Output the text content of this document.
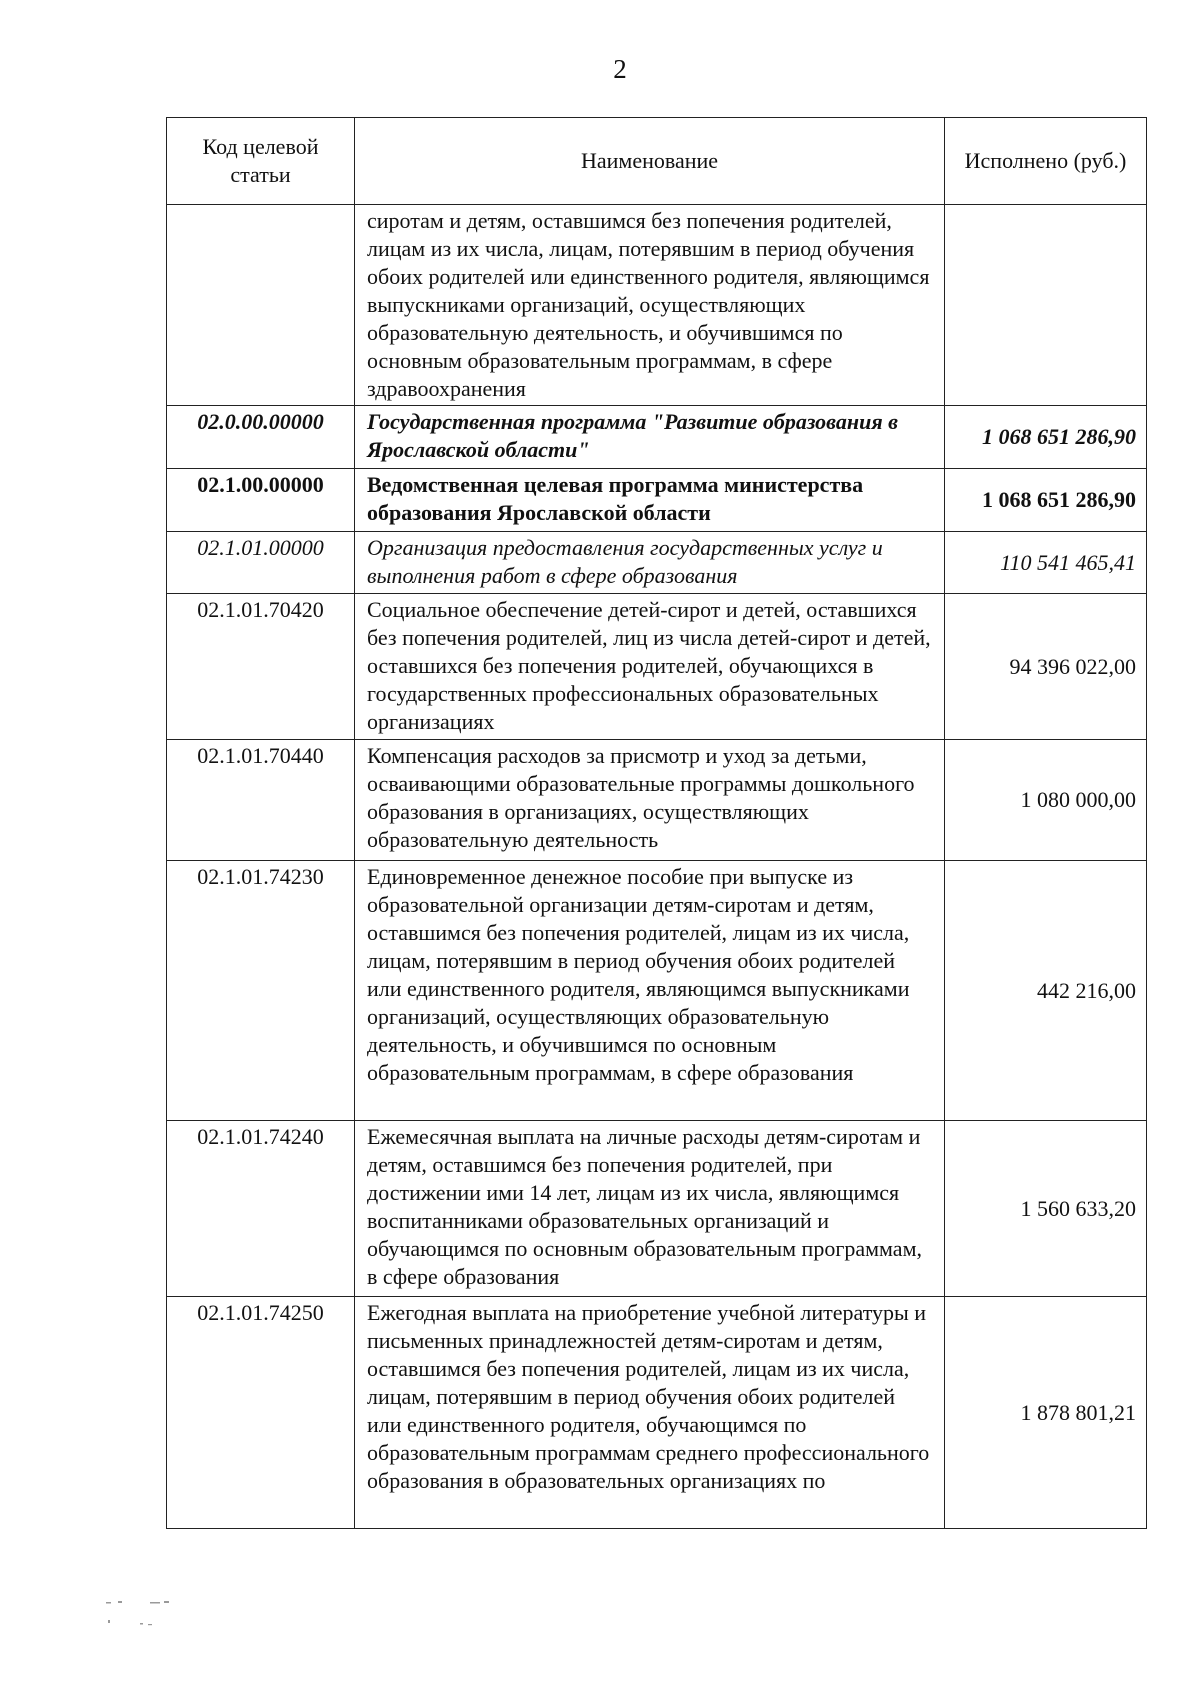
2
Код целевой статьи	Наименование	Исполнено (руб.)
	сиротам и детям, оставшимся без попечения родителей, лицам из их числа, лицам, потерявшим в период обучения обоих родителей или единственного родителя, являющимся выпускниками организаций, осуществляющих образовательную деятельность, и обучившимся по основным образовательным программам, в сфере здравоохранения	
02.0.00.00000	Государственная программа "Развитие образования в Ярославской области"	1 068 651 286,90
02.1.00.00000	Ведомственная целевая программа министерства образования Ярославской области	1 068 651 286,90
02.1.01.00000	Организация предоставления государственных услуг и выполнения работ в сфере образования	110 541 465,41
02.1.01.70420	Социальное обеспечение детей-сирот и детей, оставшихся без попечения родителей, лиц из числа детей-сирот и детей, оставшихся без попечения родителей, обучающихся в государственных профессиональных образовательных организациях	94 396 022,00
02.1.01.70440	Компенсация расходов за присмотр и уход за детьми, осваивающими образовательные программы дошкольного образования в организациях, осуществляющих образовательную деятельность	1 080 000,00
02.1.01.74230	Единовременное денежное пособие при выпуске из образовательной организации детям-сиротам и детям, оставшимся без попечения родителей, лицам из их числа, лицам, потерявшим в период обучения обоих родителей или единственного родителя, являющимся выпускниками организаций, осуществляющих образовательную деятельность, и обучившимся по основным образовательным программам, в сфере образования	442 216,00
02.1.01.74240	Ежемесячная выплата на личные расходы детям-сиротам и детям, оставшимся без попечения родителей, при достижении ими 14 лет, лицам из их числа, являющимся воспитанниками образовательных организаций и обучающимся по основным образовательным программам, в сфере образования	1 560 633,20
02.1.01.74250	Ежегодная выплата на приобретение учебной литературы и письменных принадлежностей детям-сиротам и детям, оставшимся без попечения родителей, лицам из их числа, лицам, потерявшим в период обучения обоих родителей или единственного родителя, обучающимся по образовательным программам среднего профессионального образования в образовательных организациях по	1 878 801,21
